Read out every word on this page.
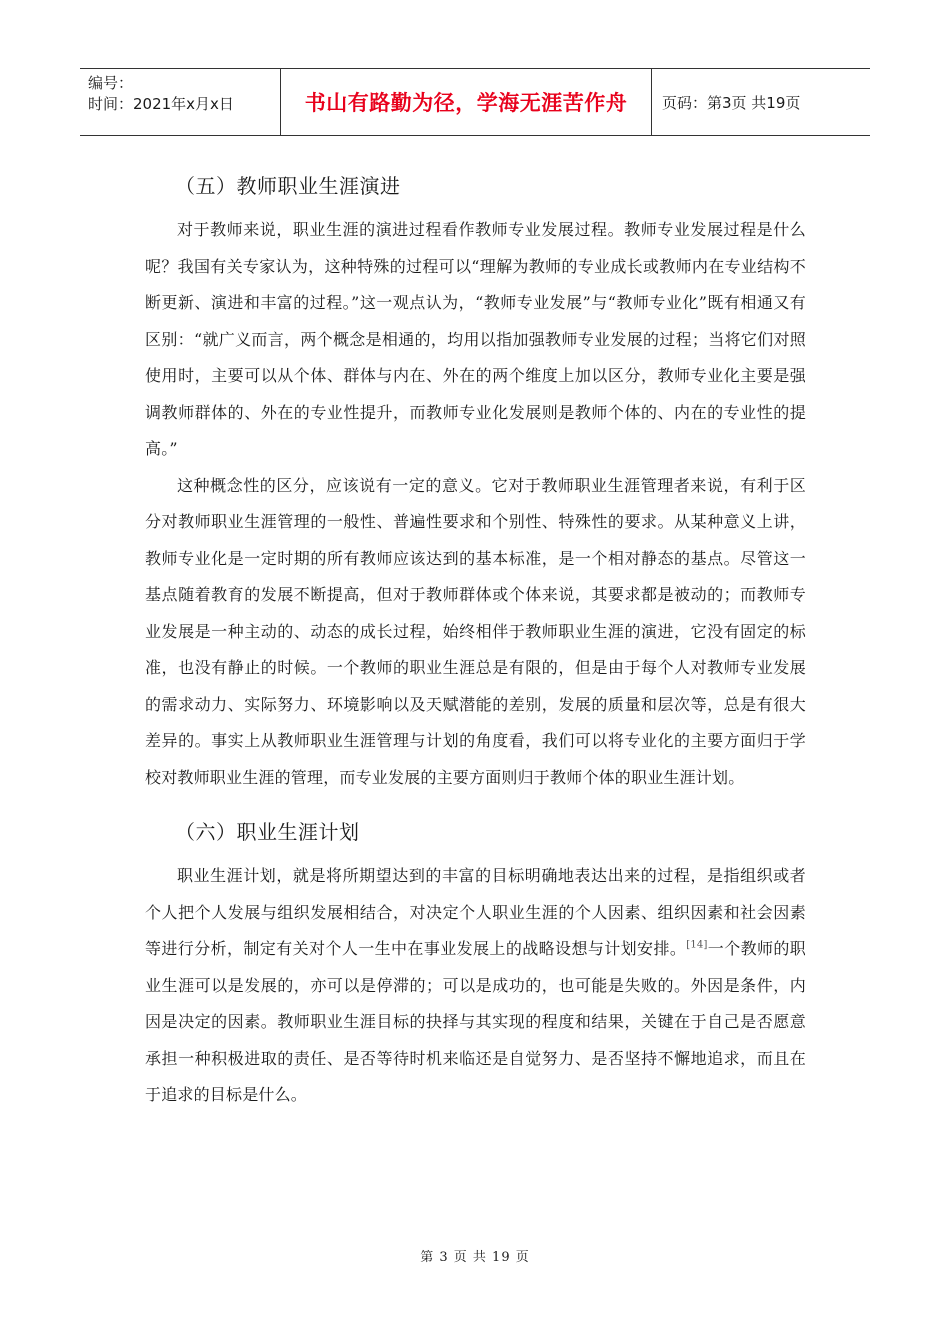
编号：
时间：2021年x月x日	书山有路勤为径，学海无涯苦作舟	页码：第3页 共19页
（五）教师职业生涯演进

对于教师来说，职业生涯的演进过程看作教师专业发展过程。教师专业发展过程是什么呢？我国有关专家认为，这种特殊的过程可以“理解为教师的专业成长或教师内在专业结构不断更新、演进和丰富的过程。”这一观点认为，“教师专业发展”与“教师专业化”既有相通又有区别：“就广义而言，两个概念是相通的，均用以指加强教师专业发展的过程；当将它们对照使用时，主要可以从个体、群体与内在、外在的两个维度上加以区分，教师专业化主要是强调教师群体的、外在的专业性提升，而教师专业化发展则是教师个体的、内在的专业性的提高。”

这种概念性的区分，应该说有一定的意义。它对于教师职业生涯管理者来说，有利于区分对教师职业生涯管理的一般性、普遍性要求和个别性、特殊性的要求。从某种意义上讲，教师专业化是一定时期的所有教师应该达到的基本标准，是一个相对静态的基点。尽管这一基点随着教育的发展不断提高，但对于教师群体或个体来说，其要求都是被动的；而教师专业发展是一种主动的、动态的成长过程，始终相伴于教师职业生涯的演进，它没有固定的标准，也没有静止的时候。一个教师的职业生涯总是有限的，但是由于每个人对教师专业发展的需求动力、实际努力、环境影响以及天赋潜能的差别，发展的质量和层次等，总是有很大差异的。事实上从教师职业生涯管理与计划的角度看，我们可以将专业化的主要方面归于学校对教师职业生涯的管理，而专业发展的主要方面则归于教师个体的职业生涯计划。

（六）职业生涯计划

职业生涯计划，就是将所期望达到的丰富的目标明确地表达出来的过程，是指组织或者个人把个人发展与组织发展相结合，对决定个人职业生涯的个人因素、组织因素和社会因素等进行分析，制定有关对个人一生中在事业发展上的战略设想与计划安排。[14]一个教师的职业生涯可以是发展的，亦可以是停滞的；可以是成功的，也可能是失败的。外因是条件，内因是决定的因素。教师职业生涯目标的抉择与其实现的程度和结果，关键在于自己是否愿意承担一种积极进取的责任、是否等待时机来临还是自觉努力、是否坚持不懈地追求，而且在于追求的目标是什么。

第 3 页 共 19 页
